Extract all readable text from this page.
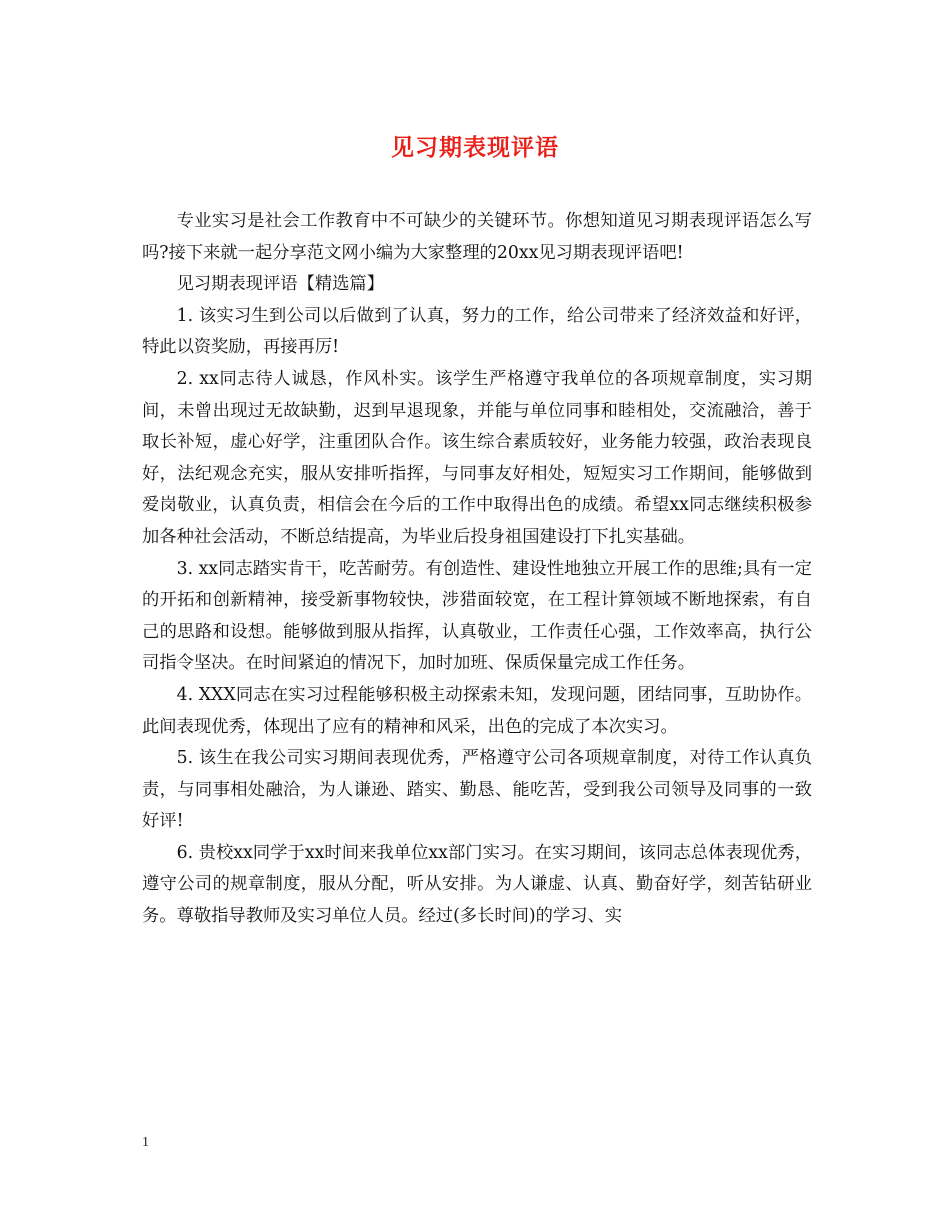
见习期表现评语

专业实习是社会工作教育中不可缺少的关键环节。你想知道见习期表现评语怎么写吗?接下来就一起分享范文网小编为大家整理的20xx见习期表现评语吧!

见习期表现评语【精选篇】

1. 该实习生到公司以后做到了认真，努力的工作，给公司带来了经济效益和好评，特此以资奖励，再接再厉!

2. xx同志待人诚恳，作风朴实。该学生严格遵守我单位的各项规章制度，实习期间，未曾出现过无故缺勤，迟到早退现象，并能与单位同事和睦相处，交流融洽，善于取长补短，虚心好学，注重团队合作。该生综合素质较好，业务能力较强，政治表现良好，法纪观念充实，服从安排听指挥，与同事友好相处，短短实习工作期间，能够做到爱岗敬业，认真负责，相信会在今后的工作中取得出色的成绩。希望xx同志继续积极参加各种社会活动，不断总结提高，为毕业后投身祖国建设打下扎实基础。

3. xx同志踏实肯干，吃苦耐劳。有创造性、建设性地独立开展工作的思维;具有一定的开拓和创新精神，接受新事物较快，涉猎面较宽，在工程计算领域不断地探索，有自己的思路和设想。能够做到服从指挥，认真敬业，工作责任心强，工作效率高，执行公司指令坚决。在时间紧迫的情况下，加时加班、保质保量完成工作任务。

4. XXX同志在实习过程能够积极主动探索未知，发现问题，团结同事，互助协作。此间表现优秀，体现出了应有的精神和风采，出色的完成了本次实习。

5. 该生在我公司实习期间表现优秀，严格遵守公司各项规章制度，对待工作认真负责，与同事相处融洽，为人谦逊、踏实、勤恳、能吃苦，受到我公司领导及同事的一致好评!

6. 贵校xx同学于xx时间来我单位xx部门实习。在实习期间，该同志总体表现优秀，遵守公司的规章制度，服从分配，听从安排。为人谦虚、认真、勤奋好学，刻苦钻研业务。尊敬指导教师及实习单位人员。经过(多长时间)的学习、实

1
